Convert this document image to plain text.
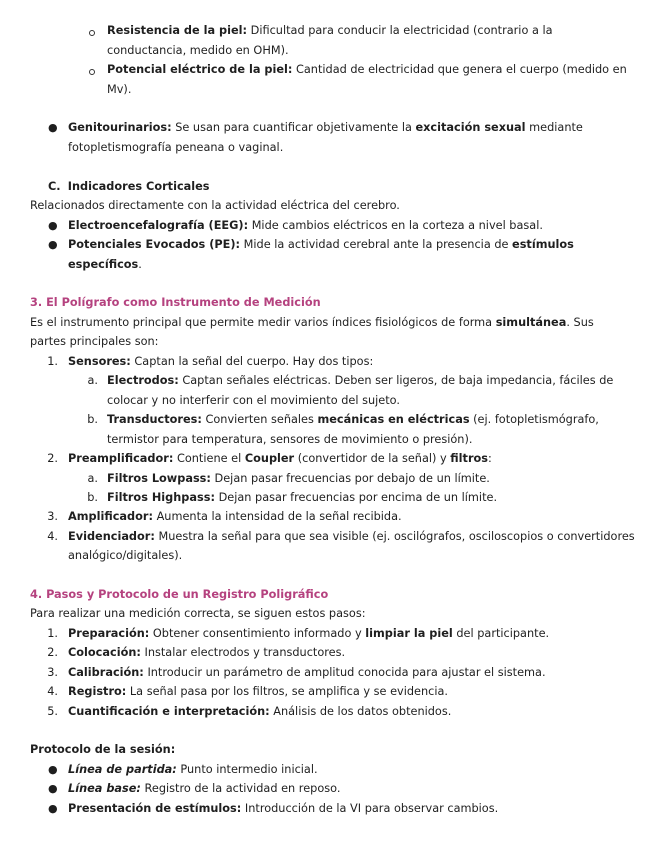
Resistencia de la piel: Dificultad para conducir la electricidad (contrario a la
conductancia, medido en OHM).
Potencial eléctrico de la piel: Cantidad de electricidad que genera el cuerpo (medido en
Mv).
● Genitourinarios: Se usan para cuantificar objetivamente la excitación sexual mediante
fotopletismografía peneana o vaginal.
C. Indicadores Corticales
Relacionados directamente con la actividad eléctrica del cerebro.
● Electroencefalografía (EEG): Mide cambios eléctricos en la corteza a nivel basal.
● Potenciales Evocados (PE): Mide la actividad cerebral ante la presencia de estímulos
específicos.
3. El Polígrafo como Instrumento de Medición
Es el instrumento principal que permite medir varios índices fisiológicos de forma simultánea. Sus
partes principales son:
1. Sensores: Captan la señal del cuerpo. Hay dos tipos:
a. Electrodos: Captan señales eléctricas. Deben ser ligeros, de baja impedancia, fáciles de
colocar y no interferir con el movimiento del sujeto.
b. Transductores: Convierten señales mecánicas en eléctricas (ej. fotopletismógrafo,
termistor para temperatura, sensores de movimiento o presión).
2. Preamplificador: Contiene el Coupler (convertidor de la señal) y filtros:
a. Filtros Lowpass: Dejan pasar frecuencias por debajo de un límite.
b. Filtros Highpass: Dejan pasar frecuencias por encima de un límite.
3. Amplificador: Aumenta la intensidad de la señal recibida.
4. Evidenciador: Muestra la señal para que sea visible (ej. oscilógrafos, osciloscopios o convertidores
analógico/digitales).
4. Pasos y Protocolo de un Registro Poligráfico
Para realizar una medición correcta, se siguen estos pasos:
1. Preparación: Obtener consentimiento informado y limpiar la piel del participante.
2. Colocación: Instalar electrodos y transductores.
3. Calibración: Introducir un parámetro de amplitud conocida para ajustar el sistema.
4. Registro: La señal pasa por los filtros, se amplifica y se evidencia.
5. Cuantificación e interpretación: Análisis de los datos obtenidos.
Protocolo de la sesión:
● Línea de partida: Punto intermedio inicial.
● Línea base: Registro de la actividad en reposo.
● Presentación de estímulos: Introducción de la VI para observar cambios.
